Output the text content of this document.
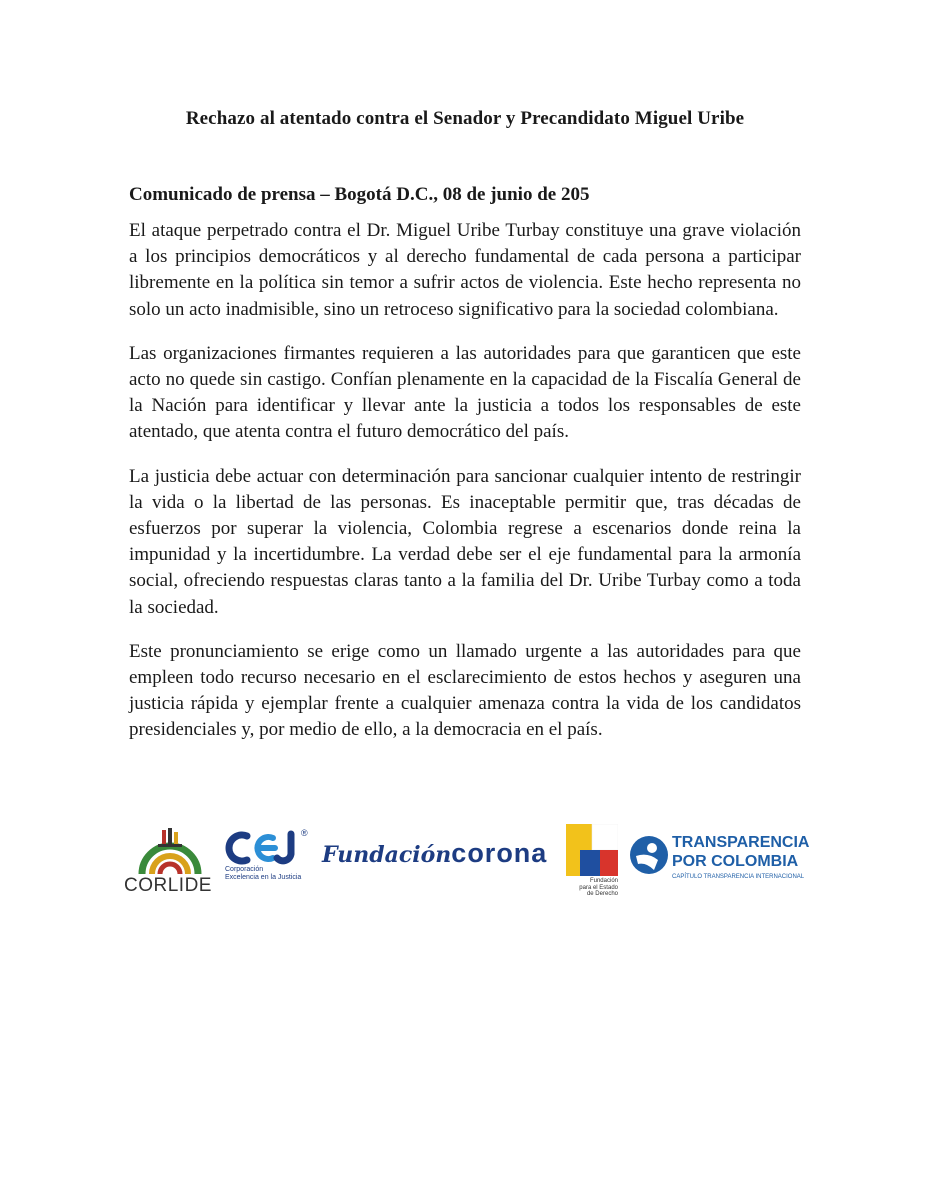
Rechazo al atentado contra el Senador y Precandidato Miguel Uribe
Comunicado de prensa – Bogotá D.C., 08 de junio de 205

El ataque perpetrado contra el Dr. Miguel Uribe Turbay constituye una grave violación a los principios democráticos y al derecho fundamental de cada persona a participar libremente en la política sin temor a sufrir actos de violencia. Este hecho representa no solo un acto inadmisible, sino un retroceso significativo para la sociedad colombiana.

Las organizaciones firmantes requieren a las autoridades para que garanticen que este acto no quede sin castigo. Confían plenamente en la capacidad de la Fiscalía General de la Nación para identificar y llevar ante la justicia a todos los responsables de este atentado, que atenta contra el futuro democrático del país.

La justicia debe actuar con determinación para sancionar cualquier intento de restringir la vida o la libertad de las personas. Es inaceptable permitir que, tras décadas de esfuerzos por superar la violencia, Colombia regrese a escenarios donde reina la impunidad y la incertidumbre. La verdad debe ser el eje fundamental para la armonía social, ofreciendo respuestas claras tanto a la familia del Dr. Uribe Turbay como a toda la sociedad.

Este pronunciamiento se erige como un llamado urgente a las autoridades para que empleen todo recurso necesario en el esclarecimiento de estos hechos y aseguren una justicia rápida y ejemplar frente a cualquier amenaza contra la vida de los candidatos presidenciales y, por medio de ello, a la democracia en el país.

CORLIDE
®
Corporación
Excelencia en la Justicia
Fundacióncorona
Fundación
para el Estado
de Derecho
TRANSPARENCIA
POR COLOMBIA
CAPÍTULO TRANSPARENCIA INTERNACIONAL
